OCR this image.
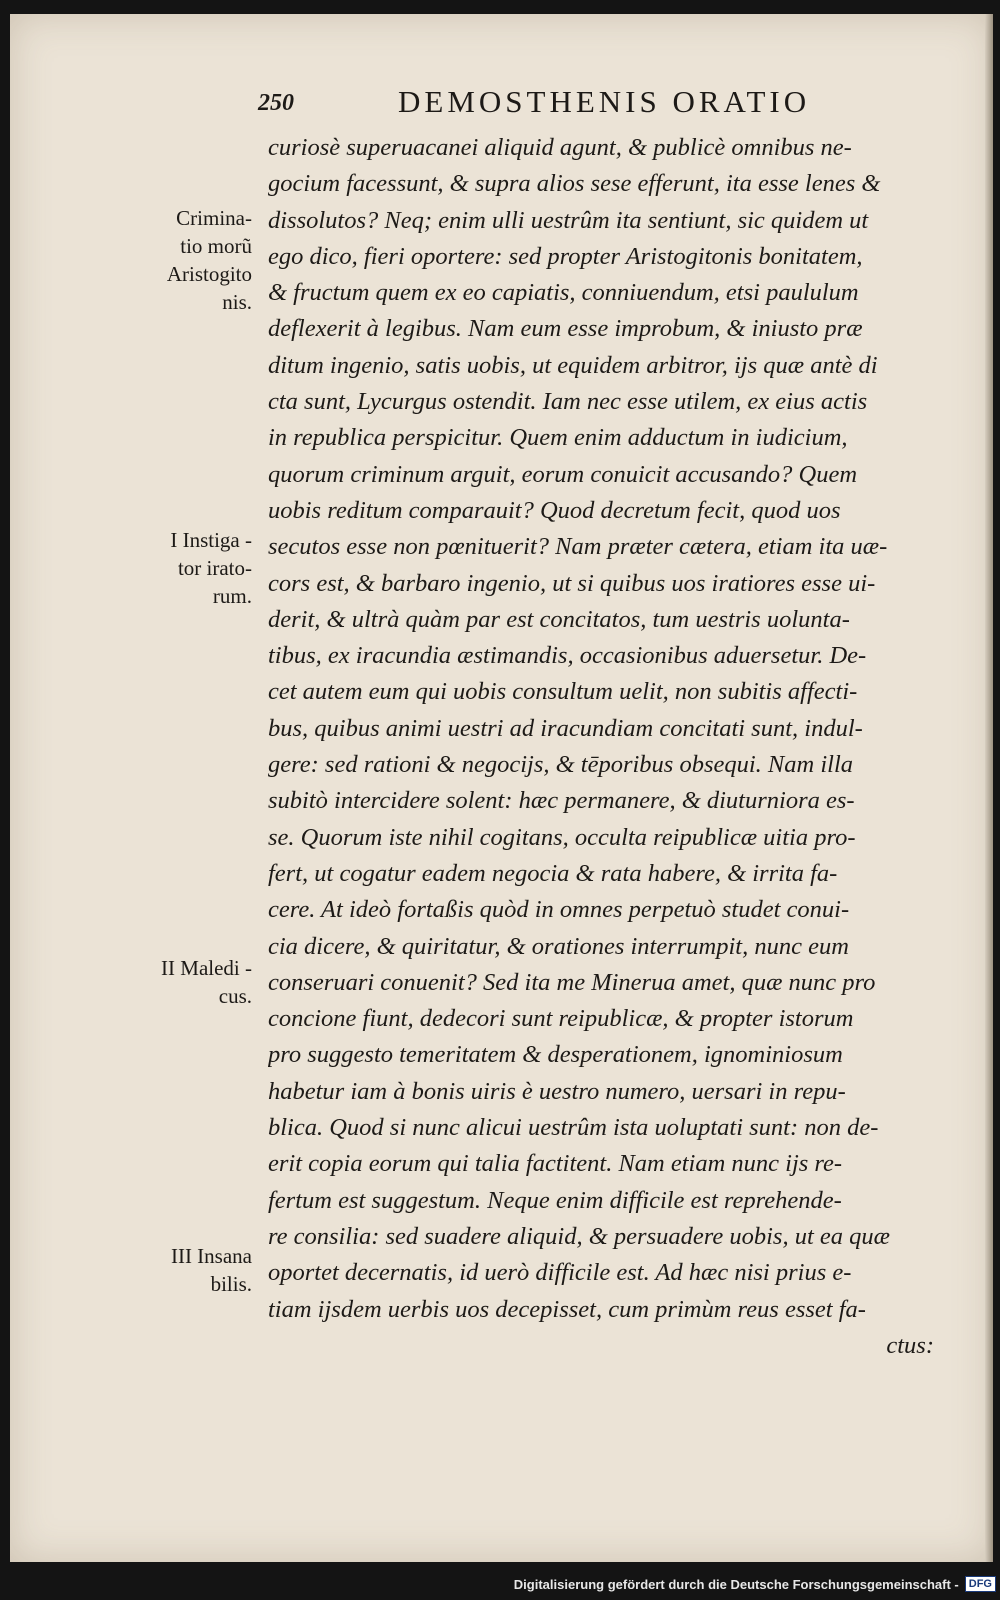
250	DEMOSTHENIS ORATIO
curiosè superuacanei aliquid agunt, & publicè omnibus ne-
gocium facessunt, & supra alios sese efferunt, ita esse lenes &
dissolutos? Neq; enim ulli uestrûm ita sentiunt, sic quidem ut
ego dico, fieri oportere: sed propter Aristogitonis bonitatem,
& fructum quem ex eo capiatis, conniuendum, etsi paululum
deflexerit à legibus. Nam eum esse improbum, & iniusto præ
ditum ingenio, satis uobis, ut equidem arbitror, ijs quæ antè di
cta sunt, Lycurgus ostendit. Iam nec esse utilem, ex eius actis
in republica perspicitur. Quem enim adductum in iudicium,
quorum criminum arguit, eorum conuicit accusando? Quem
uobis reditum comparauit? Quod decretum fecit, quod uos
secutos esse non pœnituerit? Nam præter cætera, etiam ita uæ-
cors est, & barbaro ingenio, ut si quibus uos iratiores esse ui-
derit, & ultrà quàm par est concitatos, tum uestris uolunta-
tibus, ex iracundia æstimandis, occasionibus aduersetur. De-
cet autem eum qui uobis consultum uelit, non subitis affecti-
bus, quibus animi uestri ad iracundiam concitati sunt, indul-
gere: sed rationi & negocijs, & tēporibus obsequi. Nam illa
subitò intercidere solent: hæc permanere, & diuturniora es-
se. Quorum iste nihil cogitans, occulta reipublicæ uitia pro-
fert, ut cogatur eadem negocia & rata habere, & irrita fa-
cere. At ideò fortaßis quòd in omnes perpetuò studet conui-
cia dicere, & quiritatur, & orationes interrumpit, nunc eum
conseruari conuenit? Sed ita me Minerua amet, quæ nunc pro
concione fiunt, dedecori sunt reipublicæ, & propter istorum
pro suggesto temeritatem & desperationem, ignominiosum
habetur iam à bonis uiris è uestro numero, uersari in repu-
blica. Quod si nunc alicui uestrûm ista uoluptati sunt: non de-
erit copia eorum qui talia factitent. Nam etiam nunc ijs re-
fertum est suggestum. Neque enim difficile est reprehende-
re consilia: sed suadere aliquid, & persuadere uobis, ut ea quæ
oportet decernatis, id uerò difficile est. Ad hæc nisi prius e-
tiam ijsdem uerbis uos decepisset, cum primùm reus esset fa-
ctus:
Crimina-
tio morũ
Aristogito
nis.
I Instiga -
tor irato-
rum.
II Maledi -
cus.
III Insana
bilis.
Digitalisierung gefördert durch die Deutsche Forschungsgemeinschaft - DFG
